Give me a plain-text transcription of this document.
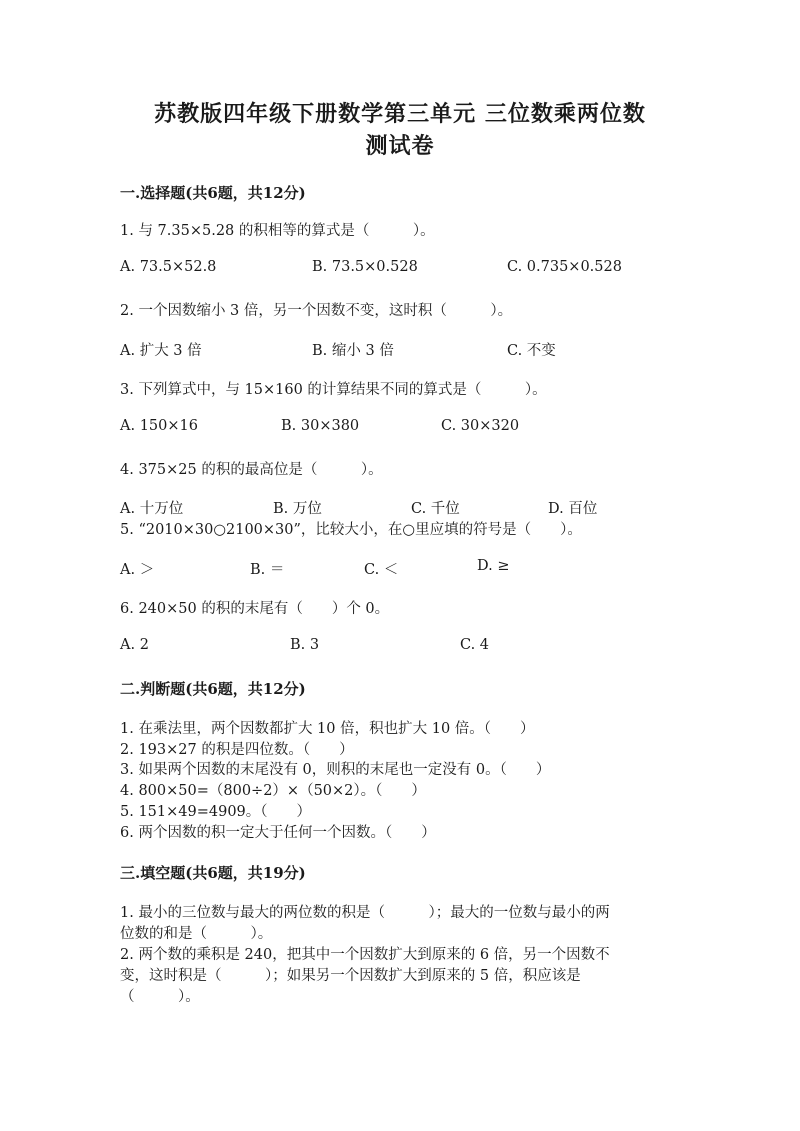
苏教版四年级下册数学第三单元 三位数乘两位数
测试卷
一.选择题(共6题，共12分)
1. 与 7.35×5.28 的积相等的算式是（　　　）。
A. 73.5×52.8	B. 73.5×0.528	C. 0.735×0.528
2. 一个因数缩小 3 倍，另一个因数不变，这时积（　　　）。
A. 扩大 3 倍	B. 缩小 3 倍	C. 不变
3. 下列算式中，与 15×160 的计算结果不同的算式是（　　　）。
A. 150×16	B. 30×380	C. 30×320
4. 375×25 的积的最高位是（　　　）。
A. 十万位	B. 万位	C. 千位	D. 百位
5. “2010×30○2100×30”，比较大小，在○里应填的符号是（　　）。
A. ＞	B. ＝	C. ＜	D. ≥
6. 240×50 的积的末尾有（　　）个 0。
A. 2	B. 3	C. 4
二.判断题(共6题，共12分)
1. 在乘法里，两个因数都扩大 10 倍，积也扩大 10 倍。（　　）
2. 193×27 的积是四位数。（　　）
3. 如果两个因数的末尾没有 0，则积的末尾也一定没有 0。（　　）
4. 800×50=（800÷2）×（50×2）。（　　）
5. 151×49=4909。（　　）
6. 两个因数的积一定大于任何一个因数。（　　）
三.填空题(共6题，共19分)
1. 最小的三位数与最大的两位数的积是（　　　）；最大的一位数与最小的两
位数的和是（　　　）。
2. 两个数的乘积是 240，把其中一个因数扩大到原来的 6 倍，另一个因数不
变，这时积是（　　　）；如果另一个因数扩大到原来的 5 倍，积应该是
（　　　）。
